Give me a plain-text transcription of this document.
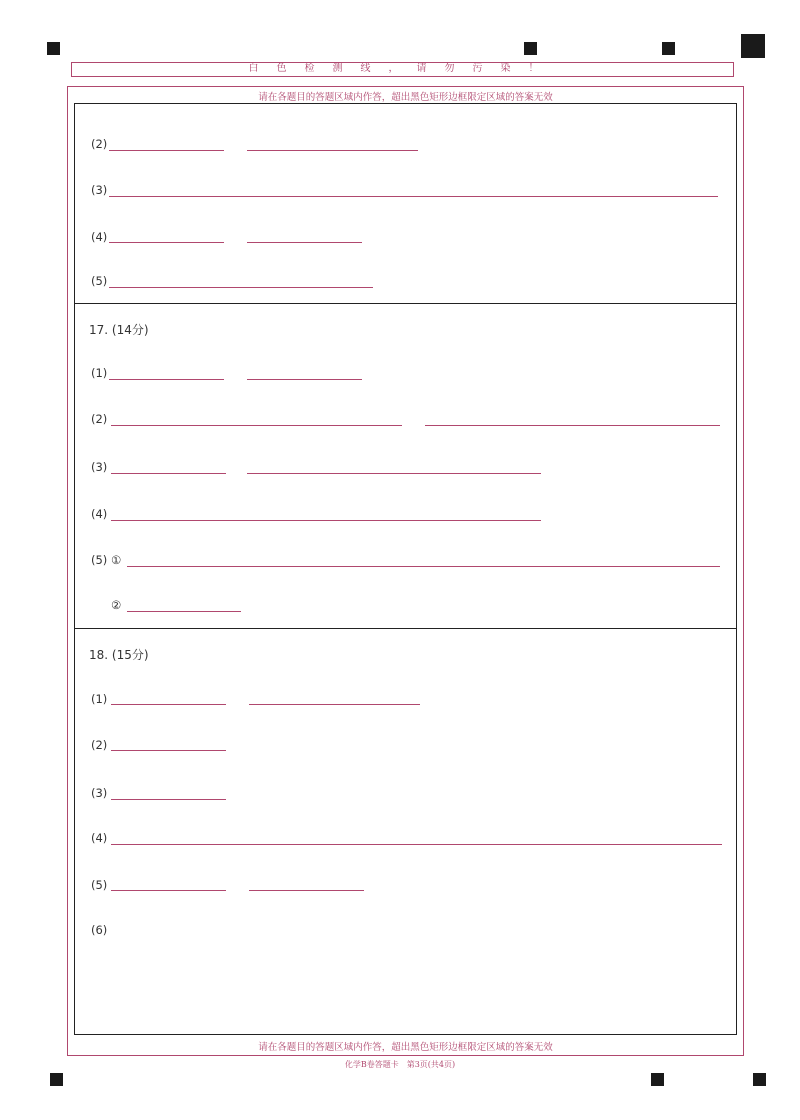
白色检测线，请勿污染！
请在各题目的答题区域内作答，超出黑色矩形边框限定区域的答案无效
请在各题目的答题区域内作答，超出黑色矩形边框限定区域的答案无效
(2)
(3)
(4)
(5)
17. (14分)
(1)
(2)
(3)
(4)
(5) ①
②
18. (15分)
(1)
(2)
(3)
(4)
(5)
(6)
化学B卷答题卡　第3页(共4页)
